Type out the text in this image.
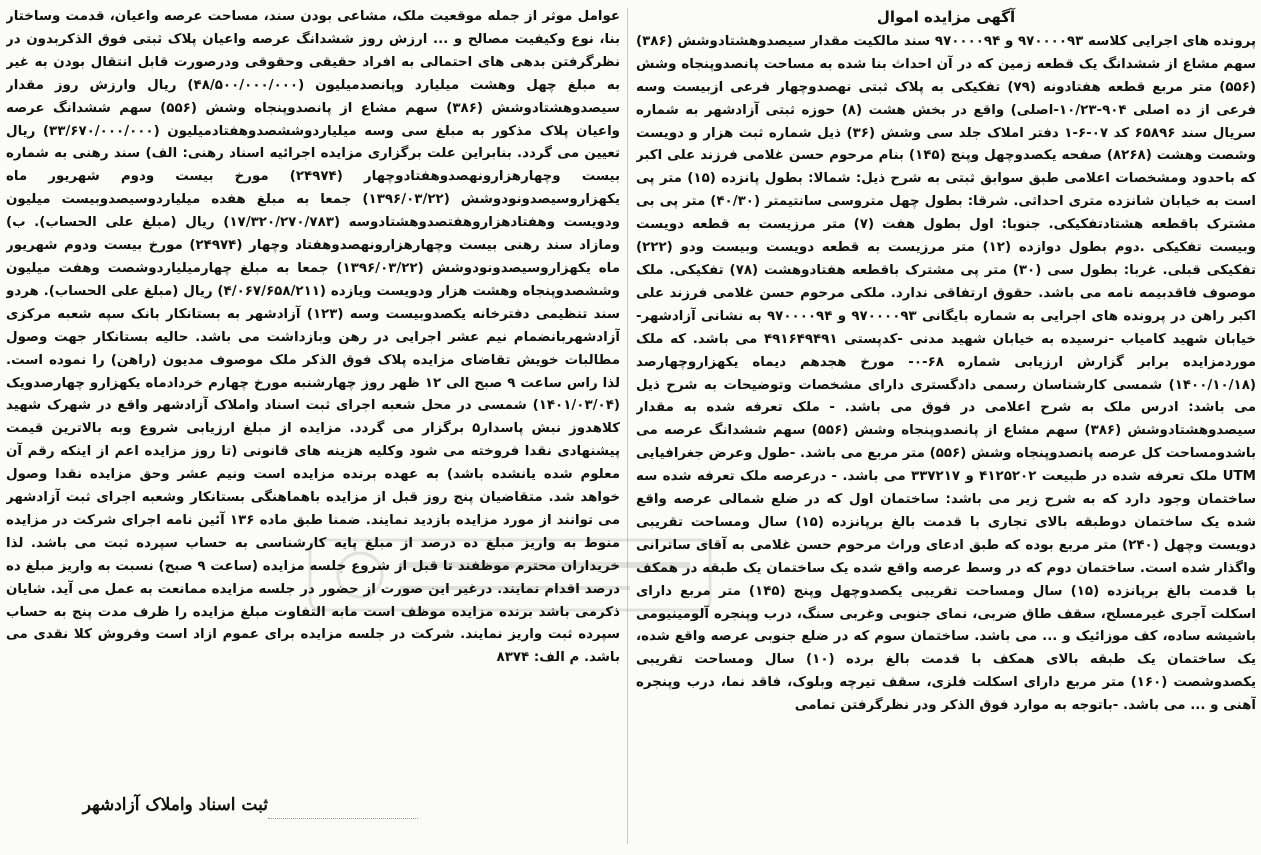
آگهی مزایده اموال

پرونده های اجرایی کلاسه ۹۷۰۰۰۰۹۳ و ۹۷۰۰۰۰۹۴ سند مالکیت مقدار سیصدوهشتادوشش (۳۸۶) سهم مشاع از ششدانگ یک قطعه زمین که در آن احداث بنا شده به مساحت پانصدوپنجاه وشش (۵۵۶) متر مربع قطعه هفتادونه (۷۹) تفکیکی به پلاک ثبتی نهصدوچهار فرعی ازبیست وسه فرعی از ده اصلی ۹۰۴-۱۰/۲۳-اصلی) واقع در بخش هشت (۸) حوزه ثبتی آزادشهر به شماره سریال سند ۶۵۸۹۶ کد ۰۷-۶-۱ دفتر املاک جلد سی وشش (۳۶) ذیل شماره ثبت هزار و دویست وشصت وهشت (۸۲۶۸) صفحه یکصدوچهل وپنج (۱۴۵) بنام مرحوم حسن غلامی فرزند علی اکبر که باحدود ومشخصات اعلامی طبق سوابق ثبتی به شرح ذیل: شمالا: بطول پانزده (۱۵) متر پی است به خیابان شانزده متری احداثی. شرقا: بطول چهل متروسی سانتیمتر (۴۰/۳۰) متر پی بی مشترک باقطعه هشتادتفکیکی. جنوبا: اول بطول هفت (۷) متر مرزیست به قطعه دویست وبیست تفکیکی .دوم بطول دوازده (۱۲) متر مرزیست به قطعه دویست وبیست ودو (۲۲۲) تفکیکی قبلی. غربا: بطول سی (۳۰) متر پی مشترک باقطعه هفتادوهشت (۷۸) تفکیکی. ملک موصوف فاقدبیمه نامه می باشد. حقوق ارتفاقی ندارد. ملکی مرحوم حسن غلامی فرزند علی اکبر راهن در پرونده های اجرایی به شماره بایگانی ۹۷۰۰۰۰۹۳ و ۹۷۰۰۰۰۹۴ به نشانی آزادشهر-خیابان شهید کامیاب -نرسیده به خیابان شهید مدنی -کدپستی ۴۹۱۶۴۹۴۹۱ می باشد. که ملک موردمزایده برابر گزارش ارزیابی شماره ۶۸-۰- مورخ هجدهم دیماه یکهزاروچهارصد (۱۴۰۰/۱۰/۱۸) شمسی کارشناسان رسمی دادگستری دارای مشخصات وتوضیحات به شرح ذیل می باشد: ادرس ملک به شرح اعلامی در فوق می باشد. - ملک تعرفه شده به مقدار سیصدوهشتادوشش (۳۸۶) سهم مشاع از پانصدوپنجاه وشش (۵۵۶) سهم ششدانگ عرصه می باشدومساحت کل عرصه پانصدوپنجاه وشش (۵۵۶) متر مربع می باشد. -طول وعرض جغرافیایی UTM ملک تعرفه شده در طبیعت ۴۱۲۵۲۰۲ و ۳۳۷۲۱۷ می باشد. - درعرصه ملک تعرفه شده سه ساختمان وجود دارد که به شرح زیر می باشد: ساختمان اول که در ضلع شمالی عرصه واقع شده یک ساختمان دوطبقه بالای تجاری با قدمت بالغ برپانزده (۱۵) سال ومساحت تقریبی دویست وچهل (۲۴۰) متر مربع بوده که طبق ادعای وراث مرحوم حسن غلامی به آقای ساترانی واگذار شده است. ساختمان دوم که در وسط عرصه واقع شده یک ساختمان یک طبقه در همکف با قدمت بالغ برپانزده (۱۵) سال ومساحت تقریبی یکصدوچهل وپنج (۱۴۵) متر مربع دارای اسکلت آجری غیرمسلح، سقف طاق ضربی، نمای جنوبی وغربی سنگ، درب وپنجره آلومینیومی باشیشه ساده، کف موزائیک و ... می باشد. ساختمان سوم که در ضلع جنوبی عرصه واقع شده، یک ساختمان یک طبقه بالای همکف با قدمت بالغ برده (۱۰) سال ومساحت تقریبی یکصدوشصت (۱۶۰) متر مربع دارای اسکلت فلزی، سقف تیرچه وبلوک، فاقد نما، درب وپنجره آهنی و ... می باشد. -باتوجه به موارد فوق الذکر ودر نظرگرفتن تمامی

عوامل موثر از جمله موقعیت ملک، مشاعی بودن سند، مساحت عرصه واعیان، قدمت وساختار بنا، نوع وکیفیت مصالح و ... ارزش روز ششدانگ عرصه واعیان پلاک ثبتی فوق الذکربدون در نظرگرفتن بدهی های احتمالی به افراد حقیقی وحقوقی ودرصورت قابل انتقال بودن به غیر به مبلغ چهل وهشت میلیارد وپانصدمیلیون (۴۸/۵۰۰/۰۰۰/۰۰۰) ریال وارزش روز مقدار سیصدوهشتادوشش (۳۸۶) سهم مشاع از پانصدوپنجاه وشش (۵۵۶) سهم ششدانگ عرصه واعیان پلاک مذکور به مبلغ سی وسه میلیاردوششصدوهفتادمیلیون (۳۳/۶۷۰/۰۰۰/۰۰۰) ریال تعیین می گردد. بنابراین علت برگزاری مزایده اجرائیه اسناد رهنی: الف) سند رهنی به شماره بیست وچهارهزارونهصدوهفتادوچهار (۲۴۹۷۴) مورخ بیست ودوم شهریور ماه یکهزاروسیصدونودوشش (۱۳۹۶/۰۳/۲۲) جمعا به مبلغ هفده میلیاردوسیصدوبیست میلیون ودویست وهفتادهزاروهفتصدوهشتادوسه (۱۷/۳۲۰/۲۷۰/۷۸۳) ریال (مبلغ علی الحساب). ب) ومازاد سند رهنی بیست وچهارهزارونهصدوهفتاد وچهار (۲۴۹۷۴) مورخ بیست ودوم شهریور ماه یکهزاروسیصدونودوشش (۱۳۹۶/۰۳/۲۲) جمعا به مبلغ چهارمیلیاردوشصت وهفت میلیون وششصدوپنجاه وهشت هزار ودویست ویازده (۴/۰۶۷/۶۵۸/۲۱۱) ریال (مبلغ علی الحساب). هردو سند تنظیمی دفترخانه یکصدوبیست وسه (۱۲۳) آزادشهر به بستانکار بانک سپه شعبه مرکزی آزادشهربانضمام نیم عشر اجرایی در رهن وبازداشت می باشد. حالیه بستانکار جهت وصول مطالبات خویش تقاضای مزایده پلاک فوق الذکر ملک موصوف مدیون (راهن) را نموده است. لذا راس ساعت ۹ صبح الی ۱۲ ظهر روز چهارشنبه مورخ چهارم خردادماه یکهزارو چهارصدویک (۱۴۰۱/۰۳/۰۴) شمسی در محل شعبه اجرای ثبت اسناد واملاک آزادشهر واقع در شهرک شهید کلاهدوز نبش پاسدار۵ برگزار می گردد. مزایده از مبلغ ارزیابی شروع وبه بالاترین قیمت پیشنهادی نقدا فروخته می شود وکلیه هزینه های قانونی (تا روز مزایده اعم از اینکه رقم آن معلوم شده یانشده باشد) به عهده برنده مزایده است ونیم عشر وحق مزایده نقدا وصول خواهد شد. متقاضیان پنج روز قبل از مزایده باهماهنگی بستانکار وشعبه اجرای ثبت آزادشهر می توانند از مورد مزایده بازدید نمایند. ضمنا طبق ماده ۱۳۶ آئین نامه اجرای شرکت در مزایده منوط به واریز مبلغ ده درصد از مبلغ پایه کارشناسی به حساب سپرده ثبت می باشد. لذا خریداران محترم موظفند تا قبل از شروع جلسه مزایده (ساعت ۹ صبح) نسبت به واریز مبلغ ده درصد اقدام نمایند. درغیر این صورت از حضور در جلسه مزایده ممانعت به عمل می آید. شایان ذکرمی باشد برنده مزایده موظف است مابه التفاوت مبلغ مزایده را ظرف مدت پنج به حساب سپرده ثبت واریز نمایند. شرکت در جلسه مزایده برای عموم ازاد است وفروش کلا نقدی می باشد. م الف: ۸۳۷۴

ثبت اسناد واملاک آزادشهر
